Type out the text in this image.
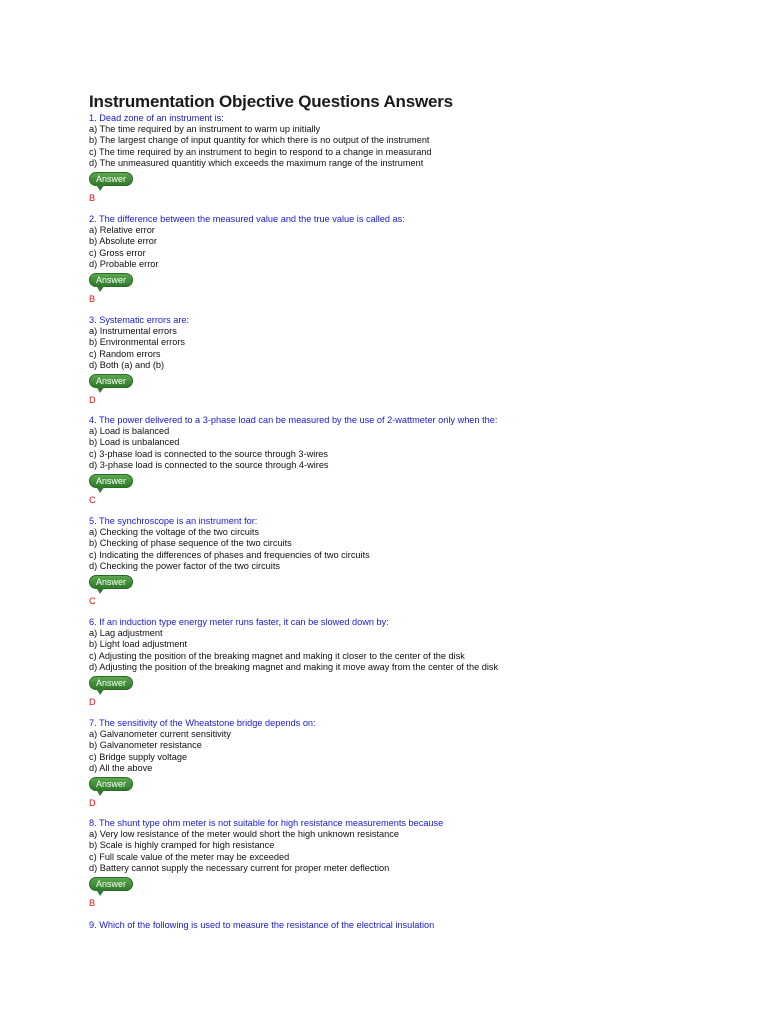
Instrumentation Objective Questions Answers
1. Dead zone of an instrument is:
a) The time required by an instrument to warm up initially
b) The largest change of input quantity for which there is no output of the instrument
c) The time required by an instrument to begin to respond to a change in measurand
d) The unmeasured quantitiy which exceeds the maximum range of the instrument
Answer
B
2. The difference between the measured value and the true value is called as:
a) Relative error
b) Absolute error
c) Gross error
d) Probable error
Answer
B
3. Systematic errors are:
a) Instrumental errors
b) Environmental errors
c) Random errors
d) Both (a) and (b)
Answer
D
4. The power delivered to a 3-phase load can be measured by the use of 2-wattmeter only when the:
a) Load is balanced
b) Load is unbalanced
c) 3-phase load is connected to the source through 3-wires
d) 3-phase load is connected to the source through 4-wires
Answer
C
5. The synchroscope is an instrument for:
a) Checking the voltage of the two circuits
b) Checking of phase sequence of the two circuits
c) Indicating the differences of phases and frequencies of two circuits
d) Checking the power factor of the two circuits
Answer
C
6. If an induction type energy meter runs faster, it can be slowed down by:
a) Lag adjustment
b) Light load adjustment
c) Adjusting the position of the breaking magnet and making it closer to the center of the disk
d) Adjusting the position of the breaking magnet and making it move away from the center of the disk
Answer
D
7. The sensitivity of the Wheatstone bridge depends on:
a) Galvanometer current sensitivity
b) Galvanometer resistance
c) Bridge supply voltage
d) All the above
Answer
D
8. The shunt type ohm meter is not suitable for high resistance measurements because
a) Very low resistance of the meter would short the high unknown resistance
b) Scale is highly cramped for high resistance
c) Full scale value of the meter may be exceeded
d) Battery cannot supply the necessary current for proper meter deflection
Answer
B
9. Which of the following is used to measure the resistance of the electrical insulation
